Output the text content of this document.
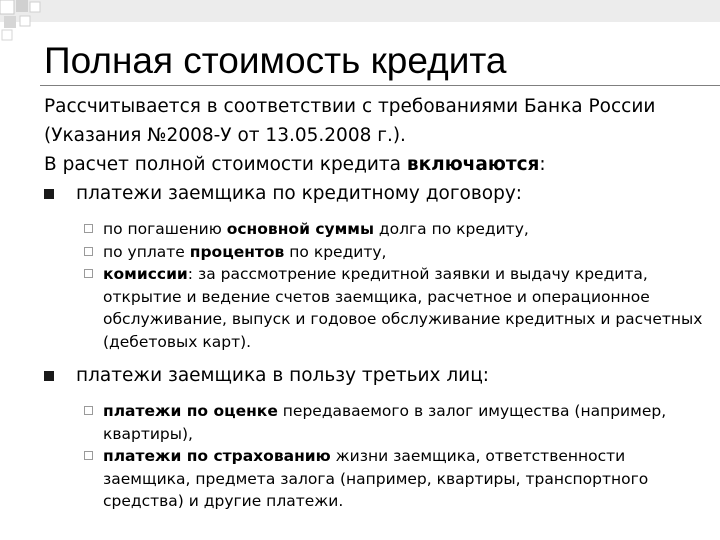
Полная стоимость кредита
Рассчитывается в соответствии с требованиями Банка России
(Указания №2008-У от 13.05.2008 г.).
В расчет полной стоимости кредита включаются:
платежи заемщика по кредитному договору:
по погашению основной суммы долга по кредиту,
по уплате процентов по кредиту,
комиссии: за рассмотрение кредитной заявки и выдачу кредита, открытие и ведение счетов заемщика, расчетное и операционное обслуживание, выпуск и годовое обслуживание кредитных и расчетных (дебетовых карт).
платежи заемщика в пользу третьих лиц:
платежи по оценке передаваемого в залог имущества (например, квартиры),
платежи по страхованию жизни заемщика, ответственности заемщика, предмета залога (например, квартиры, транспортного средства) и другие платежи.
